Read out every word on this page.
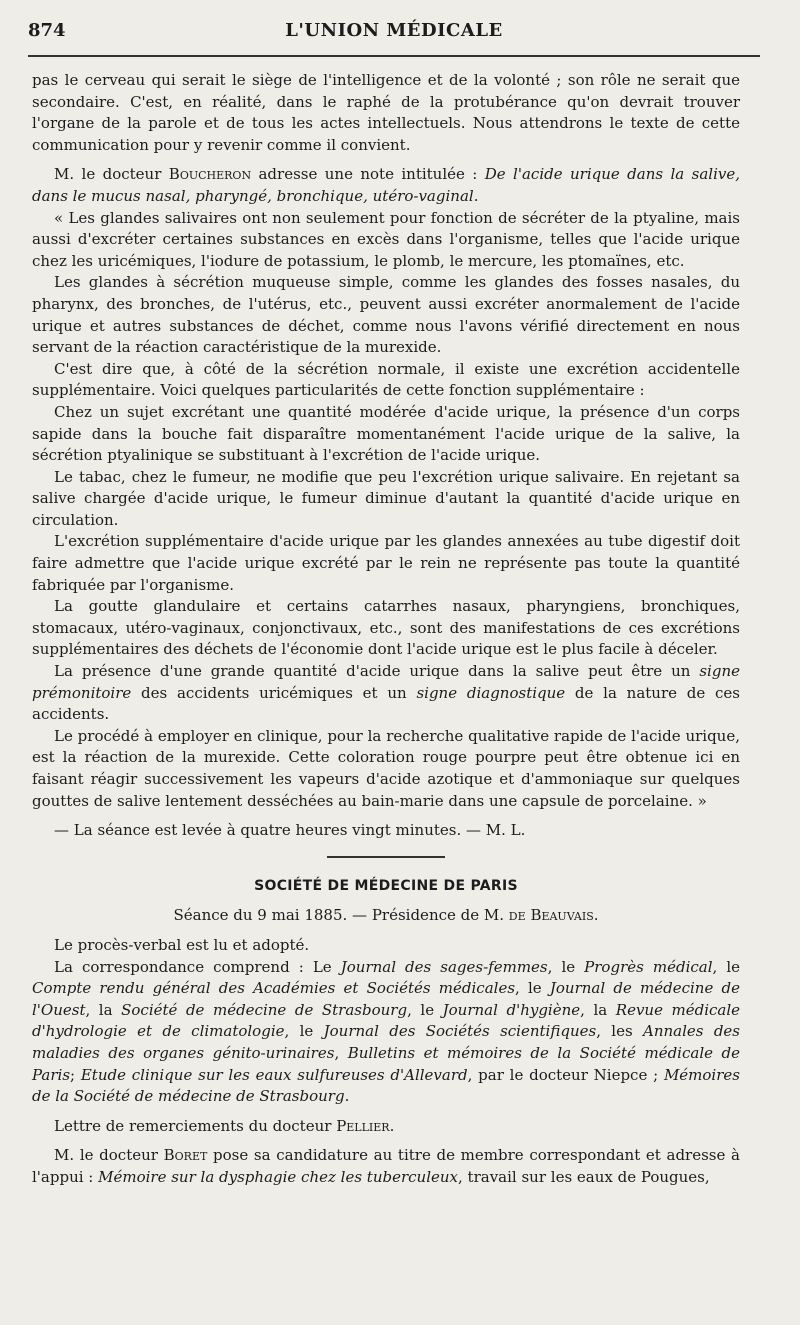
874	L'UNION MÉDICALE

pas le cerveau qui serait le siège de l'intelligence et de la volonté ; son rôle ne serait que secondaire. C'est, en réalité, dans le raphé de la protubérance qu'on devrait trouver l'organe de la parole et de tous les actes intellectuels. Nous attendrons le texte de cette communication pour y revenir comme il convient.

M. le docteur Boucheron adresse une note intitulée : De l'acide urique dans la salive, dans le mucus nasal, pharyngé, bronchique, utéro-vaginal.

« Les glandes salivaires ont non seulement pour fonction de sécréter de la ptyaline, mais aussi d'excréter certaines substances en excès dans l'organisme, telles que l'acide urique chez les uricémiques, l'iodure de potassium, le plomb, le mercure, les ptomaïnes, etc.

Les glandes à sécrétion muqueuse simple, comme les glandes des fosses nasales, du pharynx, des bronches, de l'utérus, etc., peuvent aussi excréter anormalement de l'acide urique et autres substances de déchet, comme nous l'avons vérifié directement en nous servant de la réaction caractéristique de la murexide.

C'est dire que, à côté de la sécrétion normale, il existe une excrétion accidentelle supplémentaire. Voici quelques particularités de cette fonction supplémentaire :

Chez un sujet excrétant une quantité modérée d'acide urique, la présence d'un corps sapide dans la bouche fait disparaître momentanément l'acide urique de la salive, la sécrétion ptyalinique se substituant à l'excrétion de l'acide urique.

Le tabac, chez le fumeur, ne modifie que peu l'excrétion urique salivaire. En rejetant sa salive chargée d'acide urique, le fumeur diminue d'autant la quantité d'acide urique en circulation.

L'excrétion supplémentaire d'acide urique par les glandes annexées au tube digestif doit faire admettre que l'acide urique excrété par le rein ne représente pas toute la quantité fabriquée par l'organisme.

La goutte glandulaire et certains catarrhes nasaux, pharyngiens, bronchiques, stomacaux, utéro-vaginaux, conjonctivaux, etc., sont des manifestations de ces excrétions supplémentaires des déchets de l'économie dont l'acide urique est le plus facile à déceler.

La présence d'une grande quantité d'acide urique dans la salive peut être un signe prémonitoire des accidents uricémiques et un signe diagnostique de la nature de ces accidents.

Le procédé à employer en clinique, pour la recherche qualitative rapide de l'acide urique, est la réaction de la murexide. Cette coloration rouge pourpre peut être obtenue ici en faisant réagir successivement les vapeurs d'acide azotique et d'ammoniaque sur quelques gouttes de salive lentement desséchées au bain-marie dans une capsule de porcelaine. »

— La séance est levée à quatre heures vingt minutes. — M. L.

SOCIÉTÉ DE MÉDECINE DE PARIS
Séance du 9 mai 1885. — Présidence de M. de Beauvais.

Le procès-verbal est lu et adopté.

La correspondance comprend : Le Journal des sages-femmes, le Progrès médical, le Compte rendu général des Académies et Sociétés médicales, le Journal de médecine de l'Ouest, la Société de médecine de Strasbourg, le Journal d'hygiène, la Revue médicale d'hydrologie et de climatologie, le Journal des Sociétés scientifiques, les Annales des maladies des organes génito-urinaires, Bulletins et mémoires de la Société médicale de Paris; Etude clinique sur les eaux sulfureuses d'Allevard, par le docteur Niepce ; Mémoires de la Société de médecine de Strasbourg.

Lettre de remerciements du docteur Pellier.

M. le docteur Boret pose sa candidature au titre de membre correspondant et adresse à l'appui : Mémoire sur la dysphagie chez les tuberculeux, travail sur les eaux de Pougues,
